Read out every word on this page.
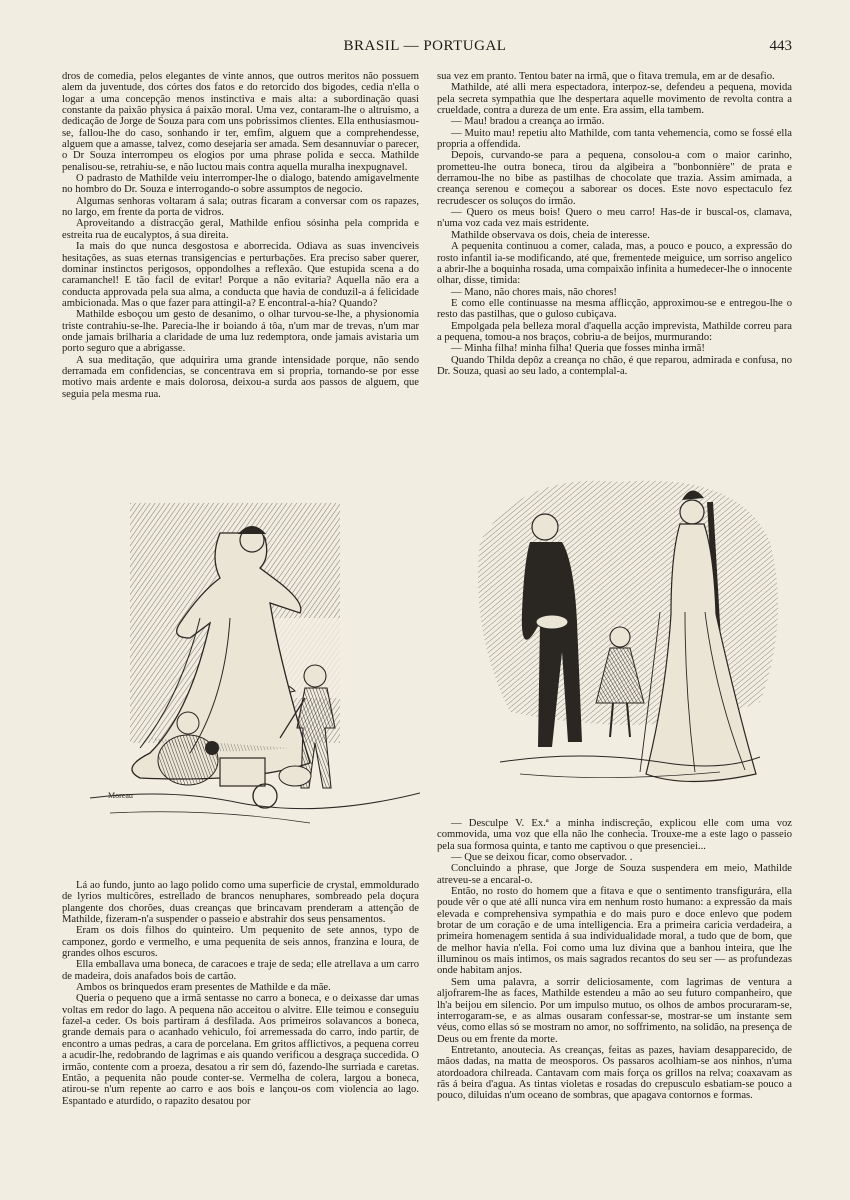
BRASIL — PORTUGAL	443

dros de comedia, pelos elegantes de vinte annos, que outros meritos não possuem alem da juventude, dos córtes dos fatos e do retorcido dos bigodes, cedia n'ella o logar a uma concepção menos instinctiva e mais alta: a subordinação quasi constante da paixão physica á paixão moral. Uma vez, contaram-lhe o altruismo, a dedicação de Jorge de Souza para com uns pobrissimos clientes. Ella enthusiasmou-se, fallou-lhe do caso, sonhando ir ter, emfim, alguem que a comprehendesse, alguem que a amasse, talvez, como desejaria ser amada. Sem desannuviar o parecer, o Dr Souza interrompeu os elogios por uma phrase polida e secca. Mathilde penalisou-se, retrahiu-se, e não luctou mais contra aquella muralha inexpugnavel.

O padrasto de Mathilde veiu interromper-lhe o dialogo, batendo amigavelmente no hombro do Dr. Souza e interrogando-o sobre assumptos de negocio.

Algumas senhoras voltaram á sala; outras ficaram a conversar com os rapazes, no largo, em frente da porta de vidros.

Aproveitando a distracção geral, Mathilde enfiou sósinha pela comprida e estreita rua de eucalyptos, á sua direita.

Ia mais do que nunca desgostosa e aborrecida. Odiava as suas invenciveis hesitações, as suas eternas transigencias e perturbações. Era preciso saber querer, dominar instinctos perigosos, oppondolhes a reflexão. Que estupida scena a do caramanchel! E tão facil de evitar! Porque a não evitaria? Aquella não era a conducta approvada pela sua alma, a conducta que havia de conduzil-a á felicidade ambicionada. Mas o que fazer para attingil-a? E encontral-a-hia? Quando?

Mathilde esboçou um gesto de desanimo, o olhar turvou-se-lhe, a physionomia triste contrahiu-se-lhe. Parecia-lhe ir boiando á tôa, n'um mar de trevas, n'um mar onde jamais brilharia a claridade de uma luz redemptora, onde jamais avistaria um porto seguro que a abrigasse.

A sua meditação, que adquirira uma grande intensidade porque, não sendo derramada em confidencias, se concentrava em si propria, tornando-se por esse motivo mais ardente e mais dolorosa, deixou-a surda aos passos de alguem, que seguia pela mesma rua.

sua vez em pranto. Tentou bater na irmã, que o fitava tremula, em ar de desafio.

Mathilde, até alli mera espectadora, interpoz-se, defendeu a pequena, movida pela secreta sympathia que lhe despertara aquelle movimento de revolta contra a crueldade, contra a dureza de um ente. Era assim, ella tambem.

— Mau! bradou a creança ao irmão.

— Muito mau! repetiu alto Mathilde, com tanta vehemencia, como se fossé ella propria a offendida.

Depois, curvando-se para a pequena, consolou-a com o maior carinho, prometteu-lhe outra boneca, tirou da algibeira a "bonbonnière" de prata e derramou-lhe no bibe as pastilhas de chocolate que trazia. Assim amimada, a creança serenou e começou a saborear os doces. Este novo espectaculo fez recrudescer os soluços do irmão.

— Quero os meus bois! Quero o meu carro! Has-de ir buscal-os, clamava, n'uma voz cada vez mais estridente.

Mathilde observava os dois, cheia de interesse.

A pequenita continuou a comer, calada, mas, a pouco e pouco, a expressão do rosto infantil ia-se modificando, até que, frementede meiguice, um sorriso angelico a abrir-lhe a boquinha rosada, uma compaixão infinita a humedecer-lhe o innocente olhar, disse, timida:

— Mano, não chores mais, não chores!

E como elle continuasse na mesma afflicção, approximou-se e entregou-lhe o resto das pastilhas, que o guloso cubiçava.

Empolgada pela belleza moral d'aquella acção imprevista, Mathilde correu para a pequena, tomou-a nos braços, cobriu-a de beijos, murmurando:

— Minha filha! minha filha! Queria que fosses minha irmã!

Quando Thilda depôz a creança no chão, é que reparou, admirada e confusa, no Dr. Souza, quasi ao seu lado, a contemplal-a.

Moreau

Lá ao fundo, junto ao lago polido como uma superficie de crystal, emmoldurado de lyrios multicôres, estrellado de brancos nenuphares, sombreado pela doçura plangente dos chorões, duas creanças que brincavam prenderam a attenção de Mathilde, fizeram-n'a suspender o passeio e abstrahir dos seus pensamentos.

Eram os dois filhos do quinteiro. Um pequenito de sete annos, typo de camponez, gordo e vermelho, e uma pequenita de seis annos, franzina e loura, de grandes olhos escuros.

Ella emballava uma boneca, de caracoes e traje de seda; elle atrellava a um carro de madeira, dois anafados bois de cartão.

Ambos os brinquedos eram presentes de Mathilde e da mãe.

Queria o pequeno que a irmã sentasse no carro a boneca, e o deixasse dar umas voltas em redor do lago. A pequena não acceitou o alvitre. Elle teimou e conseguiu fazel-a ceder. Os bois partiram á desfilada. Aos primeiros solavancos a boneca, grande demais para o acanhado vehiculo, foi arremessada do carro, indo partir, de encontro a umas pedras, a cara de porcelana. Em gritos afflictivos, a pequena correu a acudir-lhe, redobrando de lagrimas e ais quando verificou a desgraça succedida. O irmão, contente com a proeza, desatou a rir sem dó, fazendo-lhe surriada e caretas. Então, a pequenita não poude conter-se. Vermelha de colera, largou a boneca, atirou-se n'um repente ao carro e aos bois e lançou-os com violencia ao lago. Espantado e aturdido, o rapazito desatou por

— Desculpe V. Ex.ª a minha indiscreção, explicou elle com uma voz commovida, uma voz que ella não lhe conhecia. Trouxe-me a este lago o passeio pela sua formosa quinta, e tanto me captivou o que presenciei...

— Que se deixou ficar, como observador. .

Concluindo a phrase, que Jorge de Souza suspendera em meio, Mathilde atreveu-se a encaral-o.

Então, no rosto do homem que a fitava e que o sentimento transfigurára, ella poude vêr o que até alli nunca vira em nenhum rosto humano: a expressão da mais elevada e comprehensiva sympathia e do mais puro e doce enlevo que podem brotar de um coração e de uma intelligencia. Era a primeira caricia verdadeira, a primeira homenagem sentida á sua individualidade moral, a tudo que de bom, que de melhor havia n'ella. Foi como uma luz divina que a banhou inteira, que lhe illuminou os mais intimos, os mais sagrados recantos do seu ser — as profundezas onde habitam anjos.

Sem uma palavra, a sorrir deliciosamente, com lagrimas de ventura a aljofrarem-lhe as faces, Mathilde estendeu a mão ao seu futuro companheiro, que lh'a beijou em silencio. Por um impulso mutuo, os olhos de ambos procuraram-se, interrogaram-se, e as almas ousaram confessar-se, mostrar-se um instante sem véus, como ellas só se mostram no amor, no soffrimento, na solidão, na presença de Deus ou em frente da morte.

Entretanto, anoutecia. As creanças, feitas as pazes, haviam desapparecido, de mãos dadas, na matta de meosporos. Os passaros acolhiam-se aos ninhos, n'uma atordoadora chilreada. Cantavam com mais força os grillos na relva; coaxavam as rãs á beira d'agua. As tintas violetas e rosadas do crepusculo esbatiam-se pouco a pouco, diluidas n'um oceano de sombras, que apagava contornos e formas.
